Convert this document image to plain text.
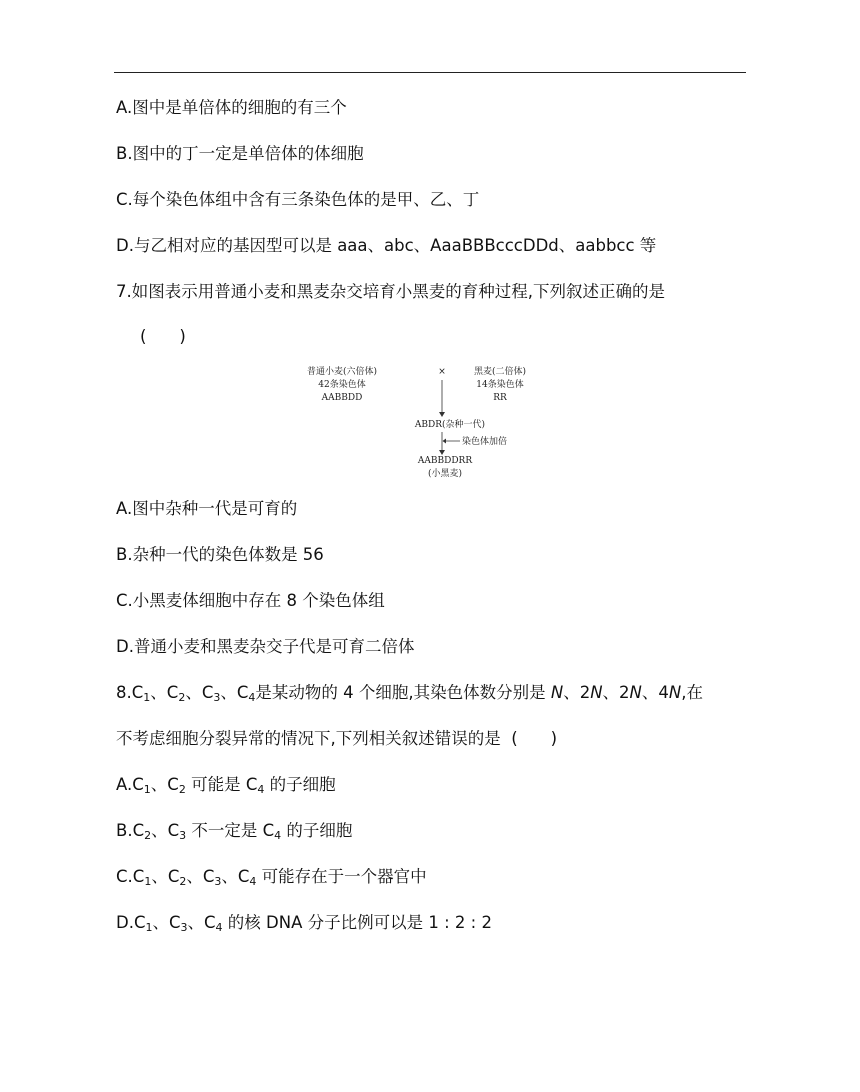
A.图中是单倍体的细胞的有三个
B.图中的丁一定是单倍体的体细胞
C.每个染色体组中含有三条染色体的是甲、乙、丁
D.与乙相对应的基因型可以是 aaa、abc、AaaBBBcccDDd、aabbcc 等
7.如图表示用普通小麦和黑麦杂交培育小黑麦的育种过程,下列叙述正确的是
(　　)
普通小麦(六倍体)
42条染色体
AABBDD
×	黑麦(二倍体)
14条染色体
RR
ABDR(杂种一代)
染色体加倍
AABBDDRR
(小黑麦)
A.图中杂种一代是可育的
B.杂种一代的染色体数是 56
C.小黑麦体细胞中存在 8 个染色体组
D.普通小麦和黑麦杂交子代是可育二倍体
$8.C_1$、$C_2$、$C_3$、$C_4$是某动物的 4 个细胞,其染色体数分别是 N、2N、2N、4N,在
不考虑细胞分裂异常的情况下,下列相关叙述错误的是 (　　)
$A.C_1$、$C_2$ 可能是 $C_4$ 的子细胞
$B.C_2$、$C_3$ 不一定是 $C_4$ 的子细胞
$C.C_1$、$C_2$、$C_3$、$C_4$ 可能存在于一个器官中
$D.C_1$、$C_3$、$C_4$ 的核 DNA 分子比例可以是 1 : 2 : 2
